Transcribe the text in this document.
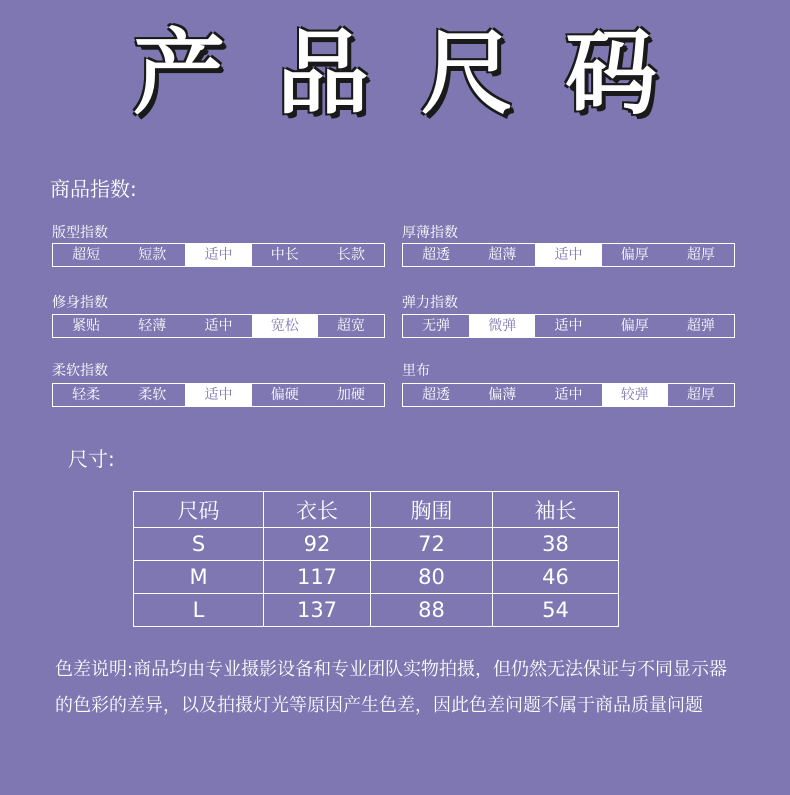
产品尺码
商品指数:
版型指数
超短	短款	适中	中长	长款
厚薄指数
超透	超薄	适中	偏厚	超厚
修身指数
紧贴	轻薄	适中	宽松	超宽
弹力指数
无弹	微弹	适中	偏厚	超弹
柔软指数
轻柔	柔软	适中	偏硬	加硬
里布
超透	偏薄	适中	较弹	超厚
尺寸:
尺码	衣长	胸围	袖长
S	92	72	38
M	117	80	46
L	137	88	54
色差说明:商品均由专业摄影设备和专业团队实物拍摄，但仍然无法保证与不同显示器的色彩的差异，以及拍摄灯光等原因产生色差，因此色差问题不属于商品质量问题
